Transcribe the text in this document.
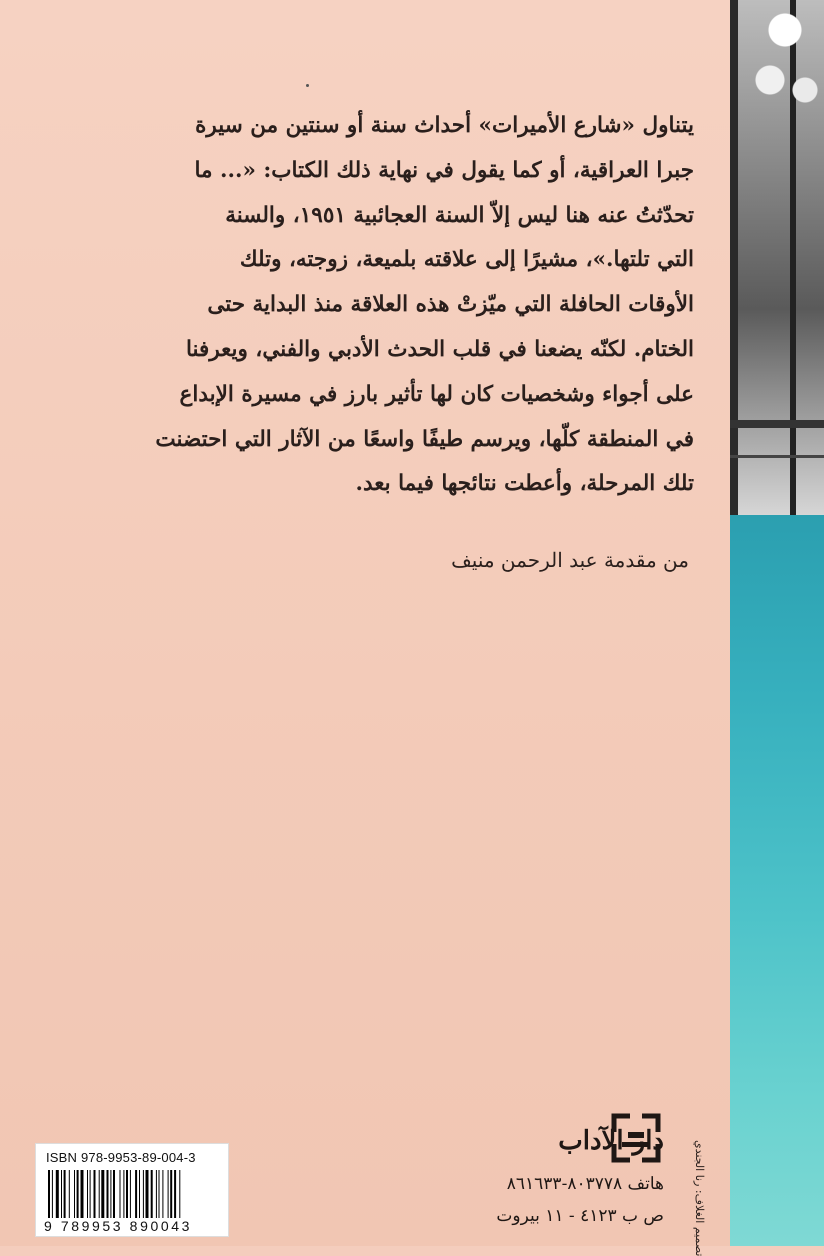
يتناول «شارع الأميرات» أحداث سنة أو سنتين من سيرة
جبرا العراقية، أو كما يقول في نهاية ذلك الكتاب: «... ما
تحدّثتُ عنه هنا ليس إلاّ السنة العجائبية ١٩٥١، والسنة
التي تلتها.»، مشيرًا إلى علاقته بلميعة، زوجته، وتلك
الأوقات الحافلة التي ميّزتْ هذه العلاقة منذ البداية حتى
الختام. لكنّه يضعنا في قلب الحدث الأدبي والفني، ويعرفنا
على أجواء وشخصيات كان لها تأثير بارز في مسيرة الإبداع
في المنطقة كلّها، ويرسم طيفًا واسعًا من الآثار التي احتضنت
تلك المرحلة، وأعطت نتائجها فيما بعد.
من مقدمة عبد الرحمن منيف
ISBN 978-9953-89-004-3
9 789953 890043
دار الآداب
هاتف ٨٠٣٧٧٨-٨٦١٦٣٣
ص ب ٤١٢٣ - ١١ بيروت	تصميم الغلاف: رنا الجندي
